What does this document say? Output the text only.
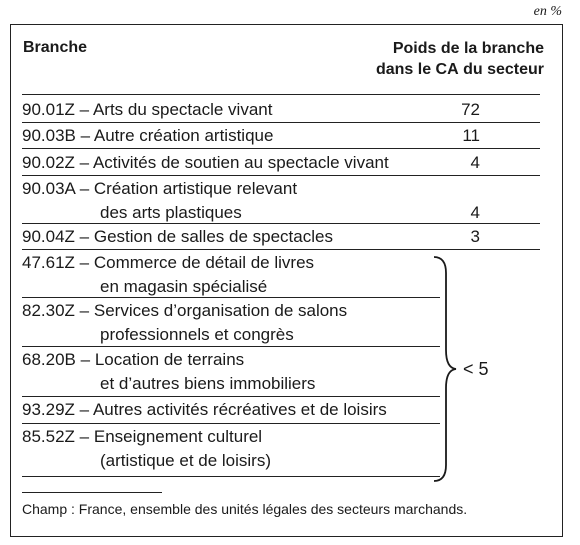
en %
Branche	Poids de la branche
dans le CA du secteur
90.01Z – Arts du spectacle vivant	72
90.03B – Autre création artistique	11
90.02Z – Activités de soutien au spectacle vivant	4
90.03A – Création artistique relevant
des arts plastiques	4
90.04Z – Gestion de salles de spectacles	3
47.61Z – Commerce de détail de livres
en magasin spécialisé
82.30Z – Services d’organisation de salons
professionnels et congrès
68.20B – Location de terrains
et d’autres biens immobiliers
93.29Z – Autres activités récréatives et de loisirs
85.52Z – Enseignement culturel
(artistique et de loisirs)
< 5
Champ : France, ensemble des unités légales des secteurs marchands.
